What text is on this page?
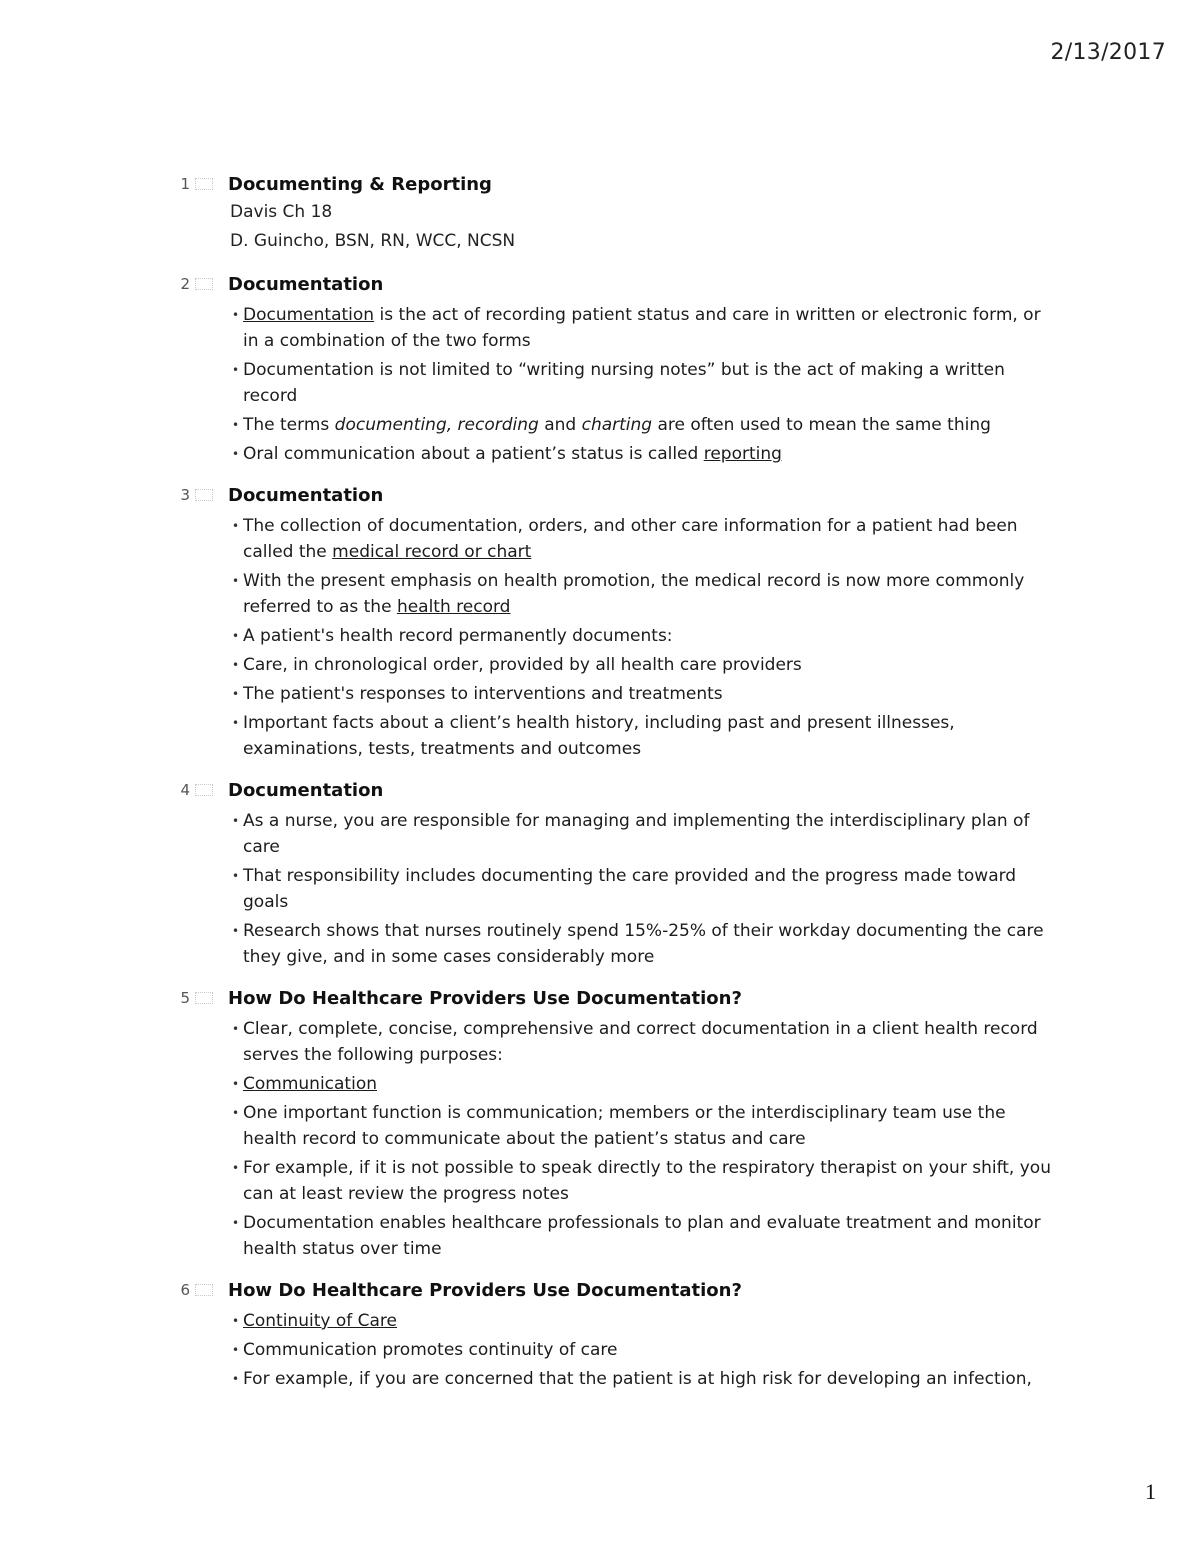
2/13/2017
1 Documenting & Reporting
Davis Ch 18
D. Guincho, BSN, RN, WCC, NCSN
2 Documentation
• Documentation is the act of recording patient status and care in written or electronic form, or in a combination of the two forms
• Documentation is not limited to “writing nursing notes” but is the act of making a written record
• The terms documenting, recording and charting are often used to mean the same thing
• Oral communication about a patient’s status is called reporting
3 Documentation
• The collection of documentation, orders, and other care information for a patient had been called the medical record or chart
• With the present emphasis on health promotion, the medical record is now more commonly referred to as the health record
• A patient's health record permanently documents:
• Care, in chronological order, provided by all health care providers
• The patient's responses to interventions and treatments
• Important facts about a client’s health history, including past and present illnesses, examinations, tests, treatments and outcomes
4 Documentation
• As a nurse, you are responsible for managing and implementing the interdisciplinary plan of care
• That responsibility includes documenting the care provided and the progress made toward goals
• Research shows that nurses routinely spend 15%-25% of their workday documenting the care they give, and in some cases considerably more
5 How Do Healthcare Providers Use Documentation?
• Clear, complete, concise, comprehensive and correct documentation in a client health record serves the following purposes:
• Communication
• One important function is communication; members or the interdisciplinary team use the health record to communicate about the patient’s status and care
• For example, if it is not possible to speak directly to the respiratory therapist on your shift, you can at least review the progress notes
• Documentation enables healthcare professionals to plan and evaluate treatment and monitor health status over time
6 How Do Healthcare Providers Use Documentation?
• Continuity of Care
• Communication promotes continuity of care
• For example, if you are concerned that the patient is at high risk for developing an infection,
1
